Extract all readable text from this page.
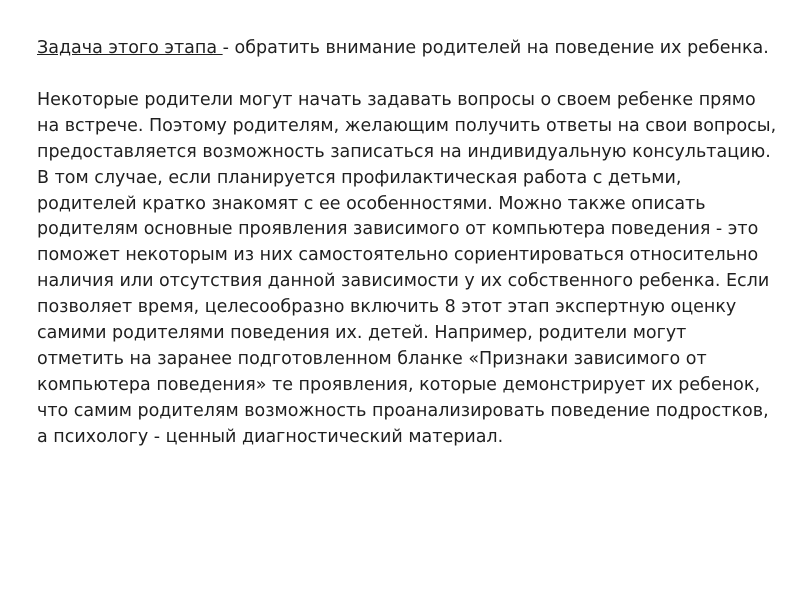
Задача этого этапа - обратить внимание родителей на поведение их ребенка.

Некоторые родители могут начать задавать вопросы о своем ребенке прямо на встрече. Поэтому родителям, желающим получить ответы на свои вопросы, предоставляется возможность записаться на индивидуальную консультацию. В том случае, если планируется профилактическая работа с детьми, родителей кратко знакомят с ее особенностями. Можно также описать родителям основные проявления зависимого от компьютера поведения - это поможет некоторым из них самостоятельно сориентироваться относительно наличия или отсутствия данной зависимости у их собственного ребенка. Если позволяет время, целесообразно включить 8 этот этап экспертную оценку самими родителями поведения их. детей. Например, родители могут отметить на заранее подготовленном бланке «Признаки зависимого от компьютера поведения» те проявления, которые демонстрирует их ребенок, что самим родителям возможность проанализировать поведение подростков, а психологу - ценный диагностический материал.
